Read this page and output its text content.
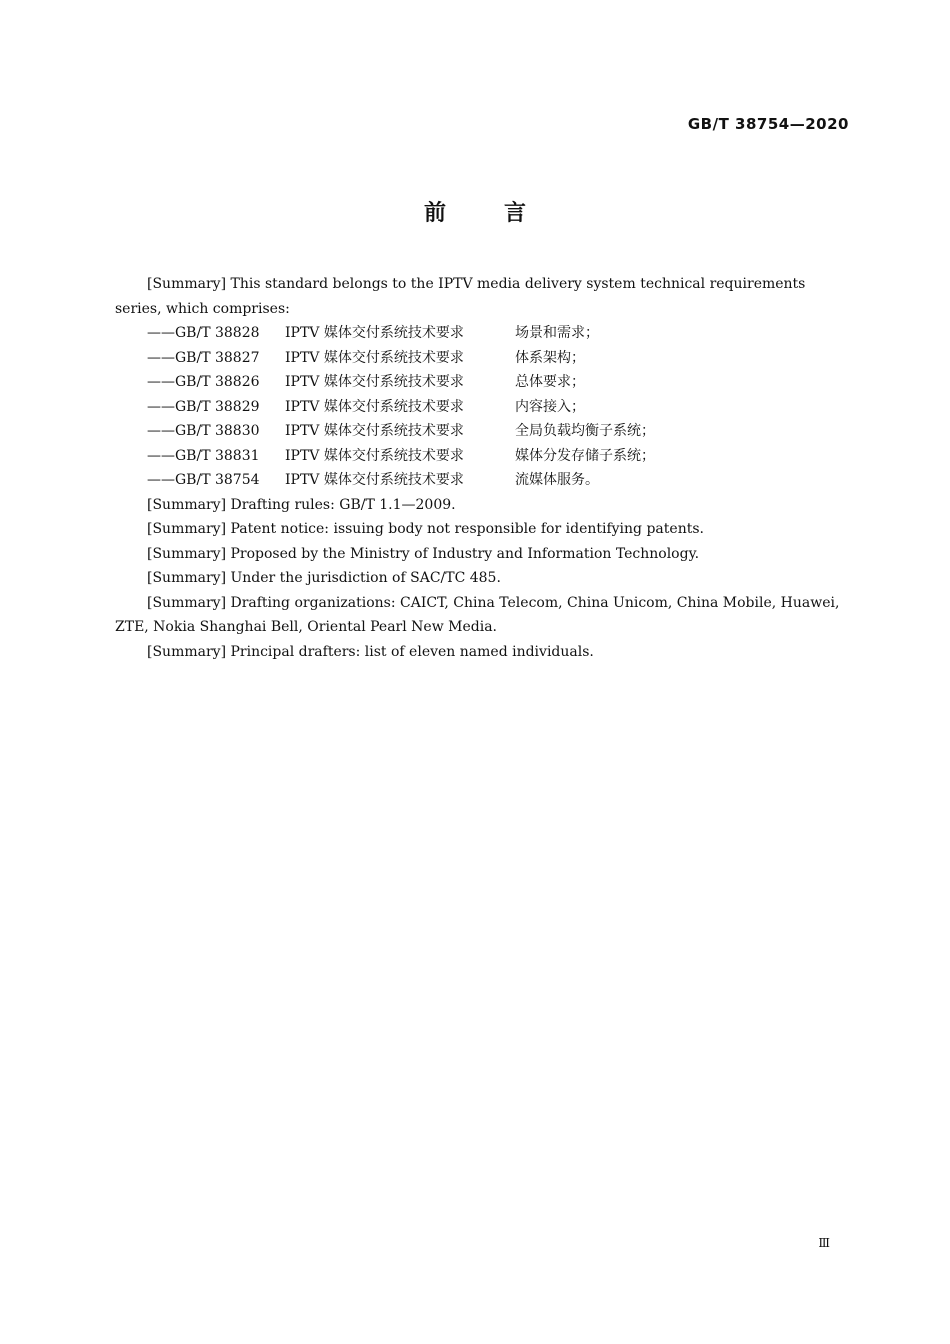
GB/T 38754—2020
前言

[Summary] This standard belongs to the IPTV media delivery system technical requirements series, which comprises:

——GB/T 38828 IPTV 媒体交付系统技术要求	场景和需求；

——GB/T 38827 IPTV 媒体交付系统技术要求	体系架构；

——GB/T 38826 IPTV 媒体交付系统技术要求	总体要求；

——GB/T 38829 IPTV 媒体交付系统技术要求	内容接入；

——GB/T 38830 IPTV 媒体交付系统技术要求	全局负载均衡子系统；

——GB/T 38831 IPTV 媒体交付系统技术要求	媒体分发存储子系统；

——GB/T 38754 IPTV 媒体交付系统技术要求	流媒体服务。

[Summary] Drafting rules: GB/T 1.1—2009.

[Summary] Patent notice: issuing body not responsible for identifying patents.

[Summary] Proposed by the Ministry of Industry and Information Technology.

[Summary] Under the jurisdiction of SAC/TC 485.

[Summary] Drafting organizations: CAICT, China Telecom, China Unicom, China Mobile, Huawei, ZTE, Nokia Shanghai Bell, Oriental Pearl New Media.

[Summary] Principal drafters: list of eleven named individuals.

Ⅲ
